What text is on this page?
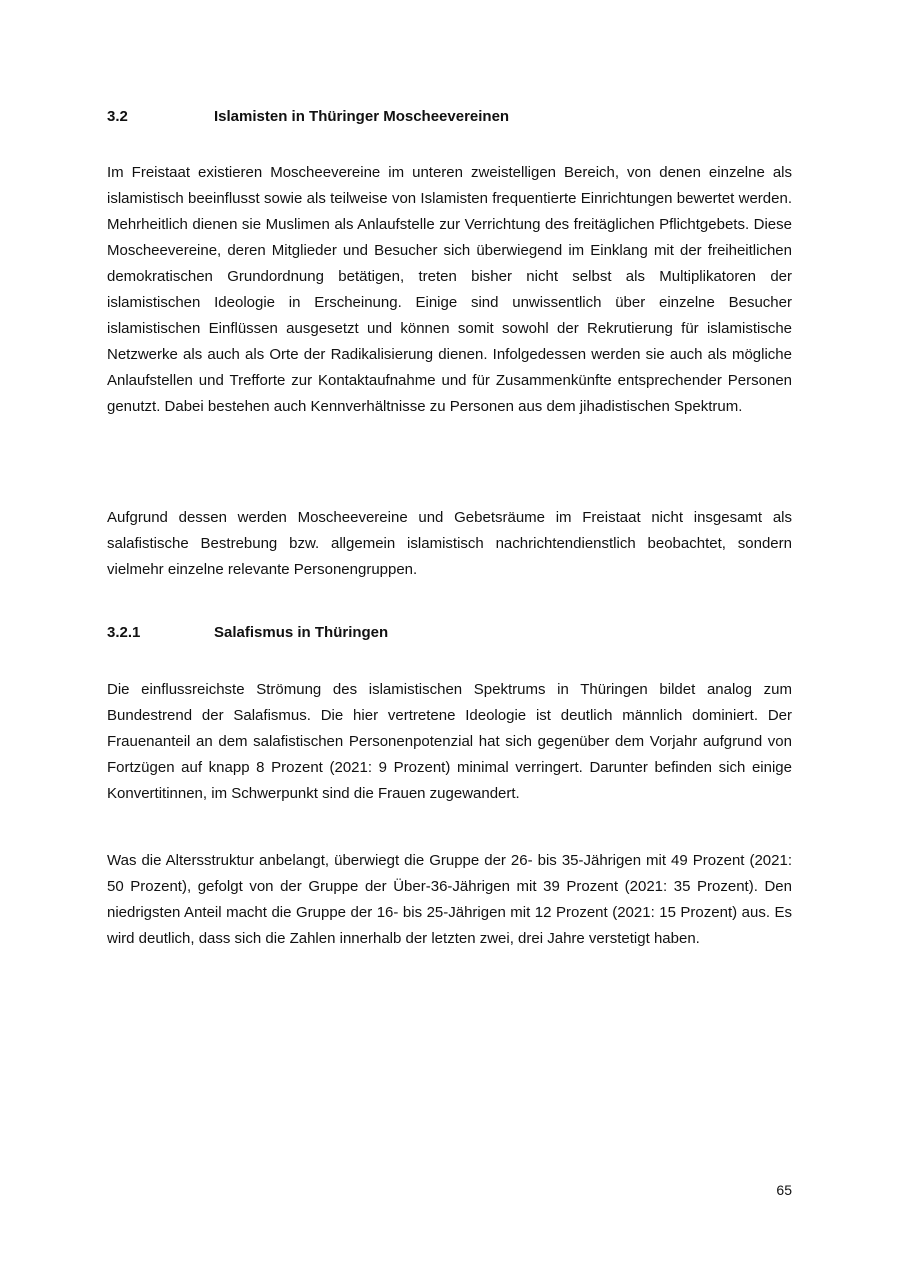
3.2	Islamisten in Thüringer Moscheevereinen

Im Freistaat existieren Moscheevereine im unteren zweistelligen Bereich, von denen einzelne als islamistisch beeinflusst sowie als teilweise von Islamisten frequentierte Einrichtungen bewertet werden. Mehrheitlich dienen sie Muslimen als Anlaufstelle zur Verrichtung des freitäglichen Pflichtgebets. Diese Moscheevereine, deren Mitglieder und Besucher sich überwiegend im Einklang mit der freiheitlichen demokratischen Grundordnung betätigen, treten bisher nicht selbst als Multiplikatoren der islamistischen Ideologie in Erscheinung. Einige sind unwissentlich über einzelne Besucher islamistischen Einflüssen ausgesetzt und können somit sowohl der Rekrutierung für islamistische Netzwerke als auch als Orte der Radikalisierung dienen. Infolgedessen werden sie auch als mögliche Anlaufstellen und Trefforte zur Kontaktaufnahme und für Zusammenkünfte entsprechender Personen genutzt. Dabei bestehen auch Kennverhältnisse zu Personen aus dem jihadistischen Spektrum.

Aufgrund dessen werden Moscheevereine und Gebetsräume im Freistaat nicht insgesamt als salafistische Bestrebung bzw. allgemein islamistisch nachrichtendienstlich beobachtet, sondern vielmehr einzelne relevante Personengruppen.

3.2.1	Salafismus in Thüringen

Die einflussreichste Strömung des islamistischen Spektrums in Thüringen bildet analog zum Bundestrend der Salafismus. Die hier vertretene Ideologie ist deutlich männlich dominiert. Der Frauenanteil an dem salafistischen Personenpotenzial hat sich gegenüber dem Vorjahr aufgrund von Fortzügen auf knapp 8 Prozent (2021: 9 Prozent) minimal verringert. Darunter befinden sich einige Konvertitinnen, im Schwerpunkt sind die Frauen zugewandert.

Was die Altersstruktur anbelangt, überwiegt die Gruppe der 26- bis 35-Jährigen mit 49 Prozent (2021: 50 Prozent), gefolgt von der Gruppe der Über-36-Jährigen mit 39 Prozent (2021: 35 Prozent). Den niedrigsten Anteil macht die Gruppe der 16- bis 25-Jährigen mit 12 Prozent (2021: 15 Prozent) aus. Es wird deutlich, dass sich die Zahlen innerhalb der letzten zwei, drei Jahre verstetigt haben.

65
